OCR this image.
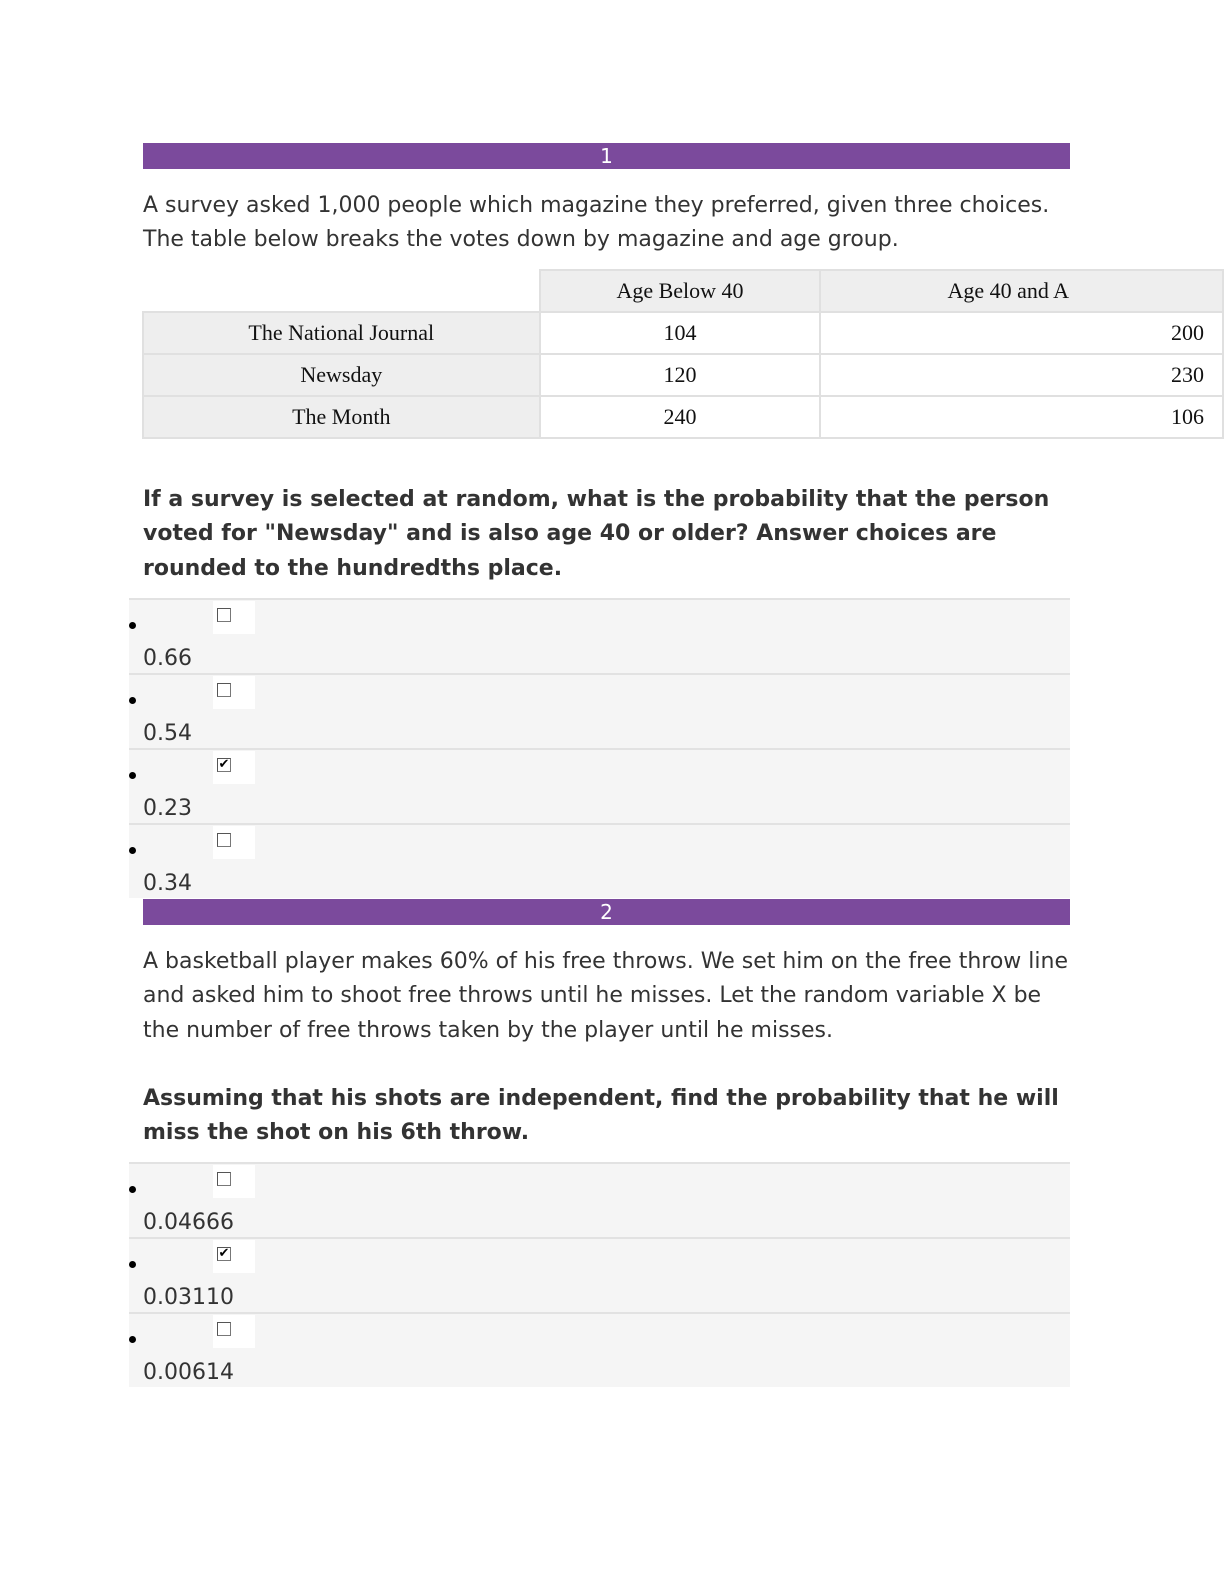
1

A survey asked 1,000 people which magazine they preferred, given three choices. The table below breaks the votes down by magazine and age group.

	Age Below 40	Age 40 and A
The National Journal	104	200
Newsday	120	230
The Month	240	106

If a survey is selected at random, what is the probability that the person voted for "Newsday" and is also age 40 or older? Answer choices are rounded to the hundredths place.

0.66
0.54
✔
0.23
0.34
2

A basketball player makes 60% of his free throws. We set him on the free throw line and asked him to shoot free throws until he misses. Let the random variable X be the number of free throws taken by the player until he misses.

Assuming that his shots are independent, find the probability that he will miss the shot on his 6th throw.

0.04666
✔
0.03110
0.00614
